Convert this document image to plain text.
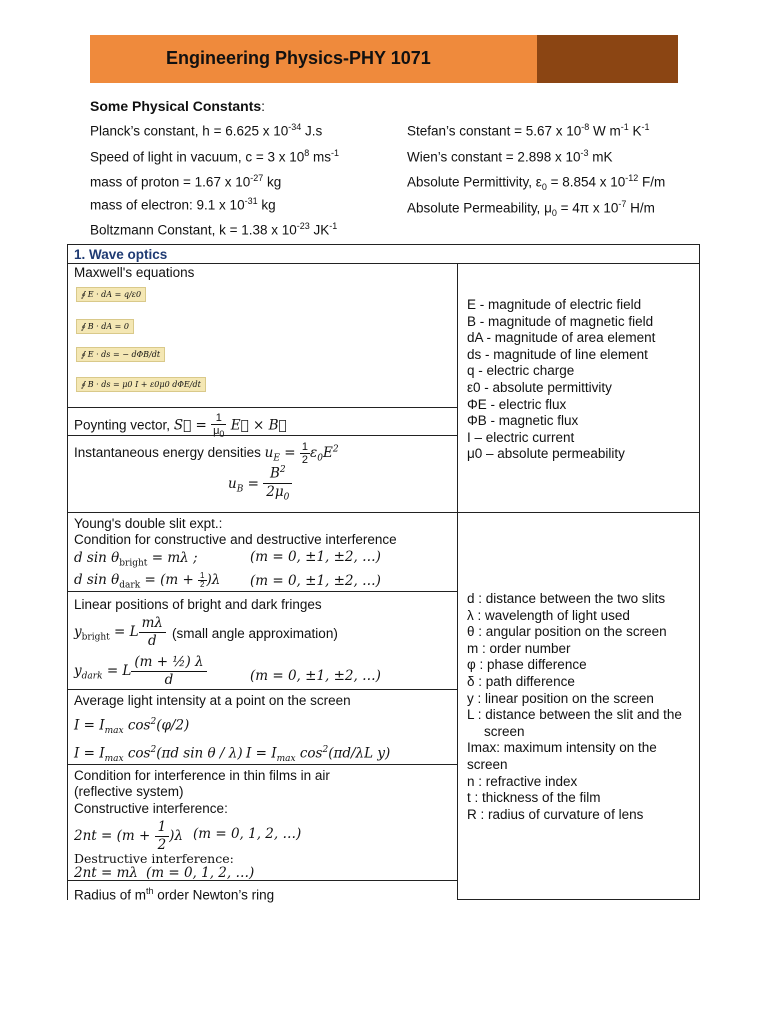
Engineering Physics-PHY 1071
Some Physical Constants:
Planck’s constant, h = 6.625 x $10^{-34}$ J.s
Speed of light in vacuum, c = 3 x $10^8$ $ms^{-1}$
mass of proton = 1.67 x $10^{-27}$ kg
mass of electron: 9.1 x $10^{-31}$ kg
Boltzmann Constant, k = 1.38 x $10^{-23}$ $JK^{-1}$
Stefan’s constant = 5.67 x $10^{-8}$ W $m^{-1}$ $K^{-1}$
Wien’s constant = 2.898 x $10^{-3}$ mK
Absolute Permittivity, $\varepsilon_0 = 8.854$ x $10^{-12}$ F/m
Absolute Permeability, $\mu_0 = 4\pi$ x $10^{-7}$ H/m
1. Wave optics
Maxwell's equations
∮ E · dA = q/ε0
∮ B · dA = 0
∮ E · ds = − dΦB/dt
∮ B · ds = μ0 I + ε0μ0 dΦE/dt
Poynting vector, S⃗ = $\frac{1}{\mu_0}$ E⃗ × B⃗
Instantaneous energy densities $u_E = \frac{1}{2} \varepsilon_0E^2$
$u_B = \frac{B^2}{2\mu_0}$
Young's double slit expt.:
Condition for constructive and destructive interference
d $\sin \theta_{bright} = m\lambda$ ;	(m = 0, ±1, ±2, …)
d $\sin \theta_{dark} = (m + \frac{1}{2} )\lambda$ (m = 0, ±1, ±2, …)
Linear positions of bright and dark fringes
$y_{bright} = L \frac{m\lambda}{d}$ (small angle approximation)
$y_{dark} = L \frac{\text{(m + ½) λ}}{d}$	(m = 0, ±1, ±2, …)
Average light intensity at a point on the screen
$I = I_{max}$ $\cos^2(\varphi/2)$
$I = I_{max}$ $\cos^2(\pi d$ sin θ / λ) $I = I_{max}$ $\cos^2(\pi d/\lambda L$ y)
Condition for interference in thin films in air
(reflective system)
Constructive interference:
$2nt = (m + \frac{1}{2} )\lambda$ (m = 0, 1, 2, …)
Destructive interference:
2nt = mλ (m = 0, 1, 2, …)
Radius of $m^{th}$ order Newton’s ring
E - magnitude of electric field
B - magnitude of magnetic field
dA - magnitude of area element
ds - magnitude of line element
q - electric charge
ε0 - absolute permittivity
ΦE - electric flux
ΦB - magnetic flux
I – electric current
μ0 – absolute permeability
d : distance between the two slits
λ : wavelength of light used
θ : angular position on the screen
m : order number
φ : phase difference
δ : path difference
y : linear position on the screen
L : distance between the slit and the
screen
Imax: maximum intensity on the
screen
n : refractive index
t : thickness of the film
R : radius of curvature of lens
